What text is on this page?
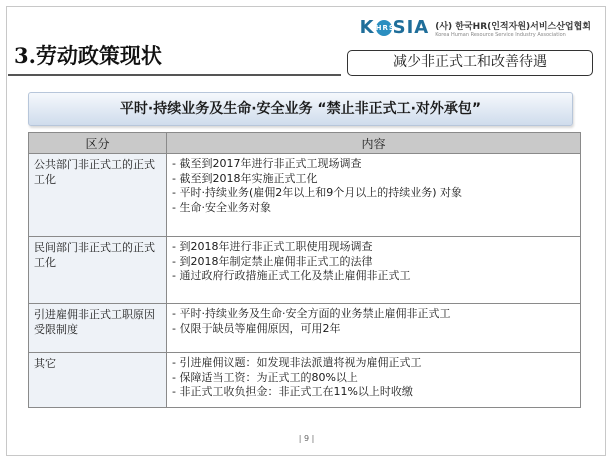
K HRS
SIA (사) 한국HR(인적자원)서비스산업협회
Korea Human Resource Service Industry Association
3.劳动政策现状	减少非正式工和改善待遇
平时·持续业务及生命·安全业务 “禁止非正式工·对外承包”
区分	内容
公共部门非正式工的正式工化	- 截至到2017年进行非正式工现场调查
- 截至到2018年实施正式工化
- 平时·持续业务(雇佣2年以上和9个月以上的持续业务) 对象
- 生命·安全业务对象

民间部门非正式工的正式工化	- 到2018年进行非正式工职使用现场调查
- 到2018年制定禁止雇佣非正式工的法律
- 通过政府行政措施正式工化及禁止雇佣非正式工

引进雇佣非正式工职原因受限制度	- 平时·持续业务及生命·安全方面的业务禁止雇佣非正式工
- 仅限于缺员等雇佣原因，可用2年

其它	- 引进雇佣议题：如发现非法派遣将视为雇佣正式工
- 保障适当工资：为正式工的80%以上
- 非正式工收负担金：非正式工在11%以上时收缴
| 9 |
